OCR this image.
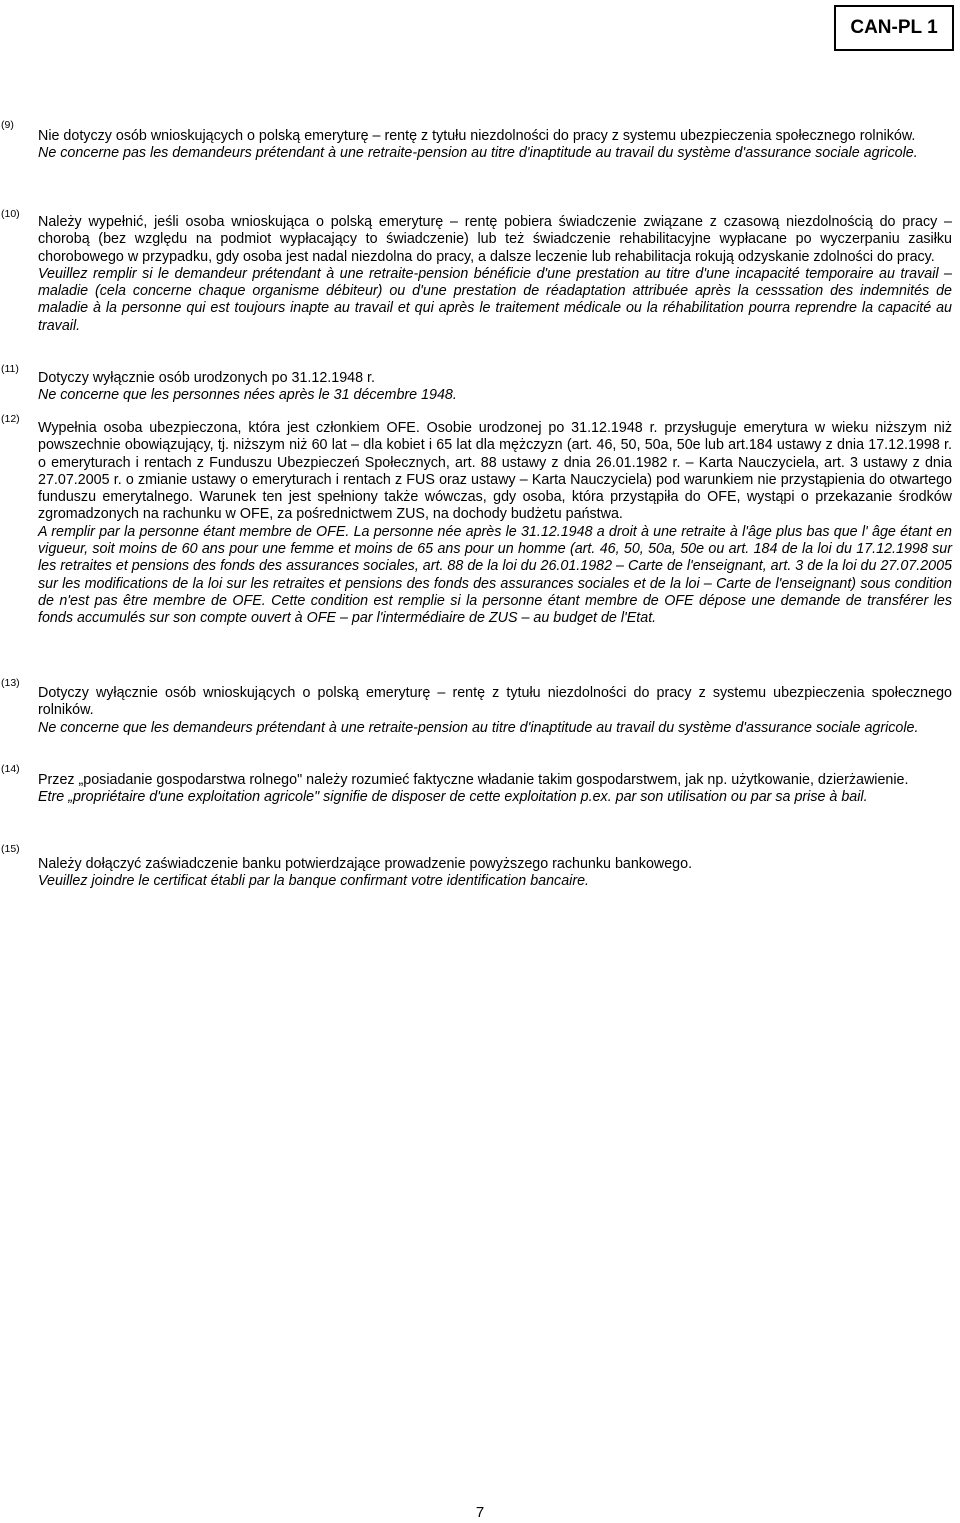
CAN-PL 1
(9)

Nie dotyczy osób wnioskujących o polską emeryturę – rentę z tytułu niezdolności do pracy z systemu ubezpieczenia społecznego rolników.

Ne concerne pas les demandeurs prétendant à une retraite-pension au titre d'inaptitude au travail du système d'assurance sociale agricole.

(10) Należy wypełnić, jeśli osoba wnioskująca o polską emeryturę – rentę pobiera świadczenie związane z czasową niezdolnością do pracy – chorobą (bez względu na podmiot wypłacający to świadczenie) lub też świadczenie rehabilitacyjne wypłacane po wyczerpaniu zasiłku chorobowego w przypadku, gdy osoba jest nadal niezdolna do pracy, a dalsze leczenie lub rehabilitacja rokują odzyskanie zdolności do pracy.

Veuillez remplir si le demandeur prétendant à une retraite-pension bénéficie d'une prestation au titre d'une incapacité temporaire au travail – maladie (cela concerne chaque organisme débiteur) ou d'une prestation de réadaptation attribuée après la cesssation des indemnités de maladie à la personne qui est toujours inapte au travail et qui après le traitement médicale ou la réhabilitation pourra reprendre la capacité au travail.

(11)

Dotyczy wyłącznie osób urodzonych po 31.12.1948 r.

Ne concerne que les personnes nées après le 31 décembre 1948.

(12)

Wypełnia osoba ubezpieczona, która jest członkiem OFE. Osobie urodzonej po 31.12.1948 r. przysługuje emerytura w wieku niższym niż powszechnie obowiązujący, tj. niższym niż 60 lat – dla kobiet i 65 lat dla mężczyzn (art. 46, 50, 50a, 50e lub art.184 ustawy z dnia 17.12.1998 r. o emeryturach i rentach z Funduszu Ubezpieczeń Społecznych, art. 88 ustawy z dnia 26.01.1982 r. – Karta Nauczyciela, art. 3 ustawy z dnia 27.07.2005 r. o zmianie ustawy o emeryturach i rentach z FUS oraz ustawy – Karta Nauczyciela) pod warunkiem nie przystąpienia do otwartego funduszu emerytalnego. Warunek ten jest spełniony także wówczas, gdy osoba, która przystąpiła do OFE, wystąpi o przekazanie środków zgromadzonych na rachunku w OFE, za pośrednictwem ZUS, na dochody budżetu państwa.

A remplir par la personne étant membre de OFE. La personne née après le 31.12.1948 a droit à une retraite à l'âge plus bas que l' âge étant en vigueur, soit moins de 60 ans pour une femme et moins de 65 ans pour un homme (art. 46, 50, 50a, 50e ou art. 184 de la loi du 17.12.1998 sur les retraites et pensions des fonds des assurances sociales, art. 88 de la loi du 26.01.1982 – Carte de l'enseignant, art. 3 de la loi du 27.07.2005 sur les modifications de la loi sur les retraites et pensions des fonds des assurances sociales et de la loi – Carte de l'enseignant) sous condition de n'est pas être membre de OFE. Cette condition est remplie si la personne étant membre de OFE dépose une demande de transférer les fonds accumulés sur son compte ouvert à OFE – par l'intermédiaire de ZUS – au budget de l'Etat.

(13)

Dotyczy wyłącznie osób wnioskujących o polską emeryturę – rentę z tytułu niezdolności do pracy z systemu ubezpieczenia społecznego rolników.

Ne concerne que les demandeurs prétendant à une retraite-pension au titre d'inaptitude au travail du système d'assurance sociale agricole.

(14)

Przez „posiadanie gospodarstwa rolnego" należy rozumieć faktyczne władanie takim gospodarstwem, jak np. użytkowanie, dzierżawienie.

Etre „propriétaire d'une exploitation agricole" signifie de disposer de cette exploitation p.ex. par son utilisation ou par sa prise à bail.

(15)

Należy dołączyć zaświadczenie banku potwierdzające prowadzenie powyższego rachunku bankowego.

Veuillez joindre le certificat établi par la banque confirmant votre identification bancaire.

7
